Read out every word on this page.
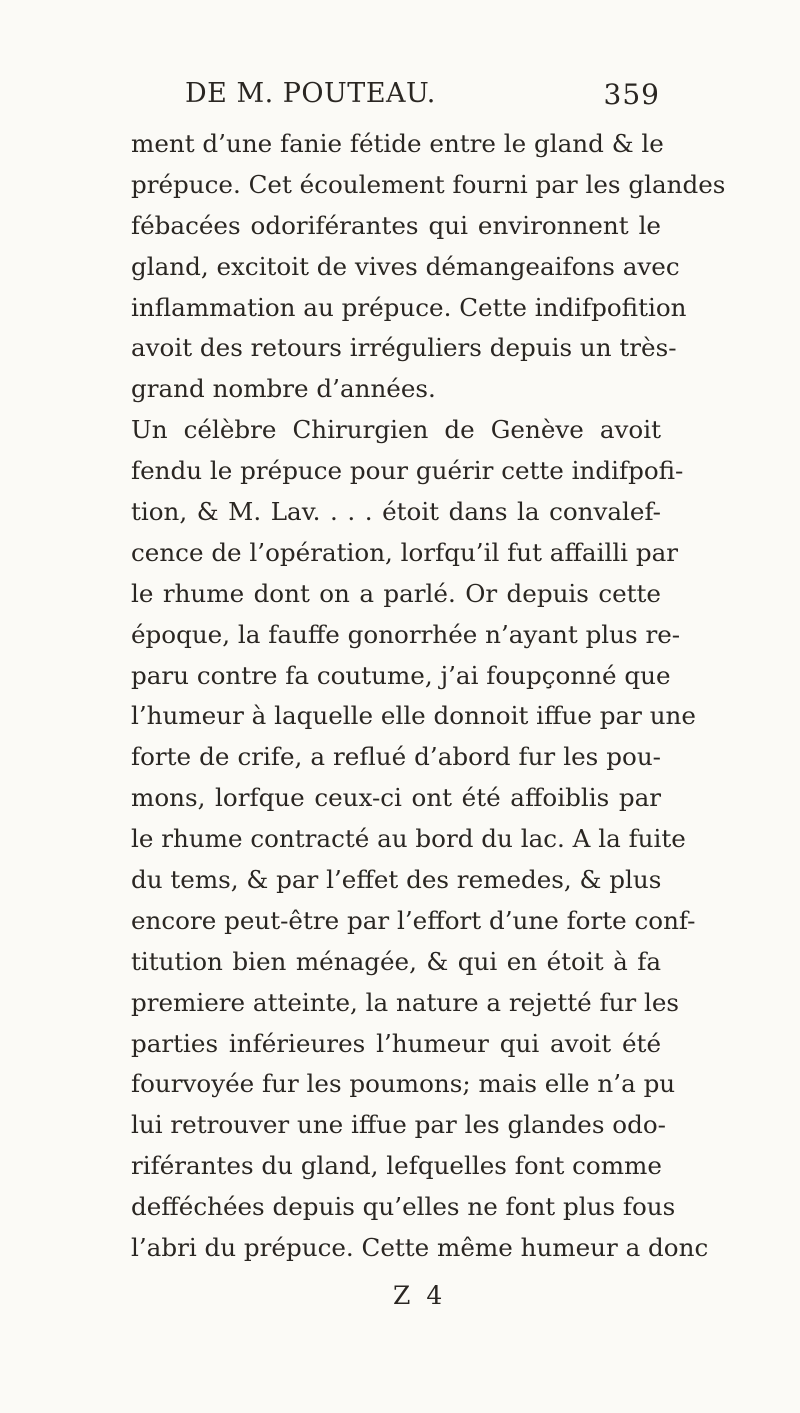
DE M. POUTEAU.	359
ment d’une fanie fétide entre le gland & le
prépuce. Cet écoulement fourni par les glandes
fébacées odoriférantes qui environnent le
gland, excitoit de vives démangeaifons avec
inflammation au prépuce. Cette indifpofition
avoit des retours irréguliers depuis un très-
grand nombre d’années.
Un célèbre Chirurgien de Genève avoit
fendu le prépuce pour guérir cette indifpofi-
tion, & M. Lav. . . . étoit dans la convalef-
cence de l’opération, lorfqu’il fut affailli par
le rhume dont on a parlé. Or depuis cette
époque, la fauffe gonorrhée n’ayant plus re-
paru contre fa coutume, j’ai foupçonné que
l’humeur à laquelle elle donnoit iffue par une
forte de crife, a reflué d’abord fur les pou-
mons, lorfque ceux-ci ont été affoiblis par
le rhume contracté au bord du lac. A la fuite
du tems, & par l’effet des remedes, & plus
encore peut-être par l’effort d’une forte conf-
titution bien ménagée, & qui en étoit à fa
premiere atteinte, la nature a rejetté fur les
parties inférieures l’humeur qui avoit été
fourvoyée fur les poumons; mais elle n’a pu
lui retrouver une iffue par les glandes odo-
riférantes du gland, lefquelles font comme
defféchées depuis qu’elles ne font plus fous
l’abri du prépuce. Cette même humeur a donc
Z 4
